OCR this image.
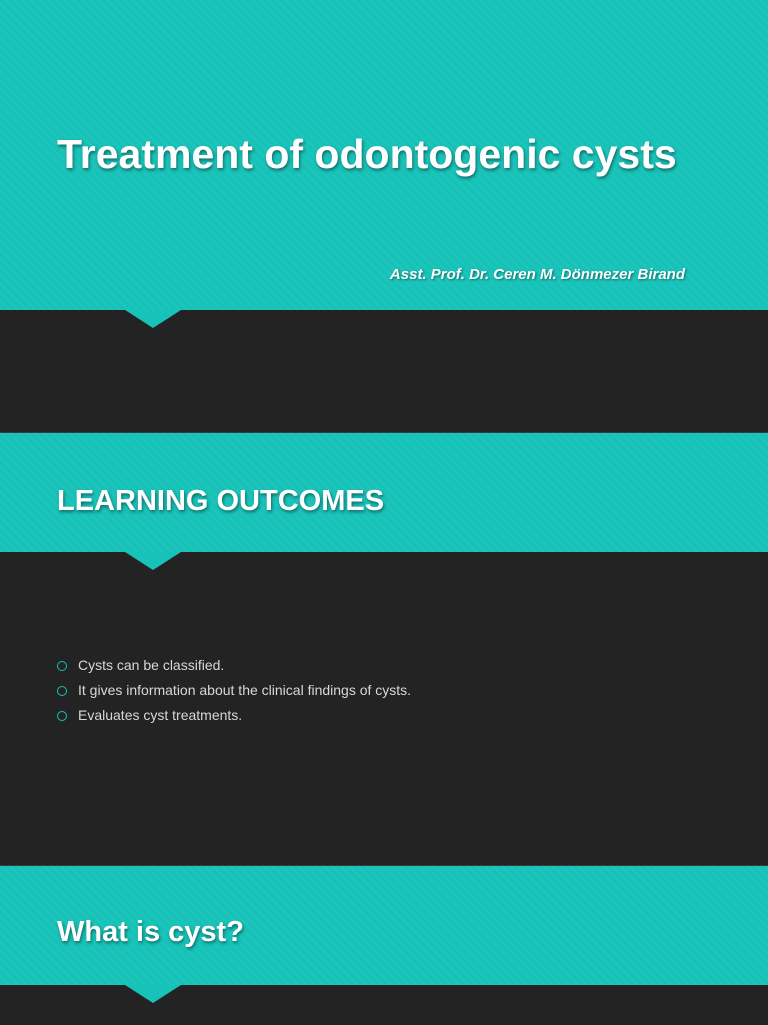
Treatment of odontogenic cysts
Asst. Prof. Dr. Ceren M. Dönmezer Birand
LEARNING OUTCOMES
Cysts can be classified.
It gives information about the clinical findings of cysts.
Evaluates cyst treatments.
What is cyst?
